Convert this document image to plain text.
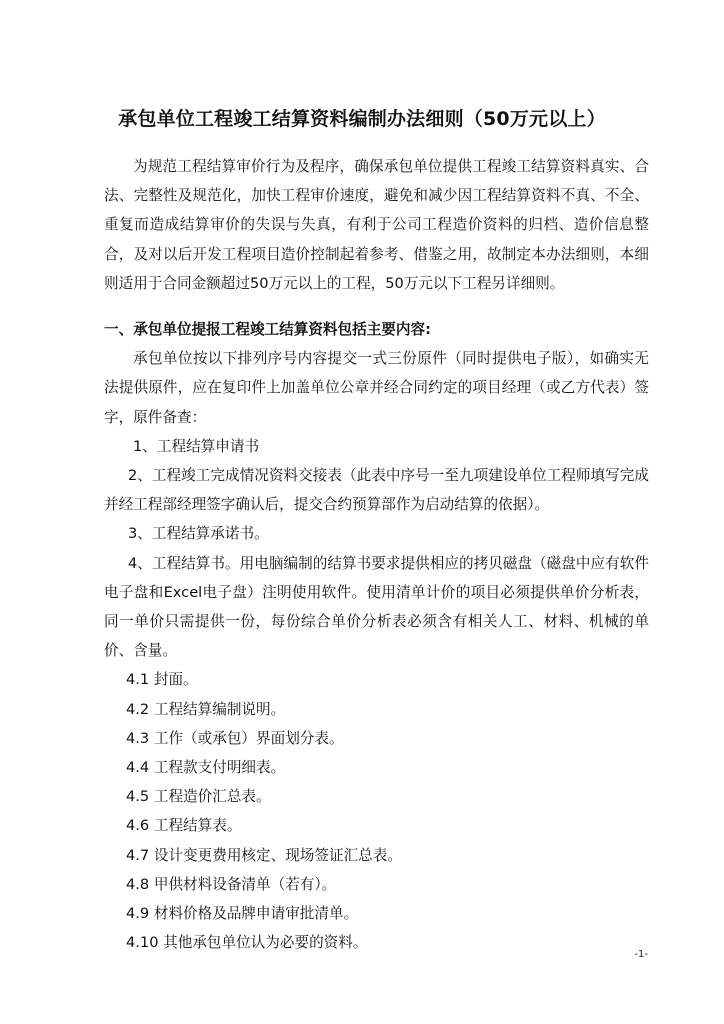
承包单位工程竣工结算资料编制办法细则（50万元以上）

为规范工程结算审价行为及程序，确保承包单位提供工程竣工结算资料真实、合法、完整性及规范化，加快工程审价速度，避免和减少因工程结算资料不真、不全、重复而造成结算审价的失误与失真，有利于公司工程造价资料的归档、造价信息整合，及对以后开发工程项目造价控制起着参考、借鉴之用，故制定本办法细则，本细则适用于合同金额超过50万元以上的工程，50万元以下工程另详细则。

一、承包单位提报工程竣工结算资料包括主要内容:

承包单位按以下排列序号内容提交一式三份原件（同时提供电子版），如确实无法提供原件，应在复印件上加盖单位公章并经合同约定的项目经理（或乙方代表）签字，原件备查：

1、工程结算申请书

2、工程竣工完成情况资料交接表（此表中序号一至九项建设单位工程师填写完成并经工程部经理签字确认后，提交合约预算部作为启动结算的依据）。

3、工程结算承诺书。

4、工程结算书。用电脑编制的结算书要求提供相应的拷贝磁盘（磁盘中应有软件电子盘和Excel电子盘）注明使用软件。使用清单计价的项目必须提供单价分析表，同一单价只需提供一份，每份综合单价分析表必须含有相关人工、材料、机械的单价、含量。

4.1 封面。

4.2 工程结算编制说明。

4.3 工作（或承包）界面划分表。

4.4 工程款支付明细表。

4.5 工程造价汇总表。

4.6 工程结算表。

4.7 设计变更费用核定、现场签证汇总表。

4.8 甲供材料设备清单（若有）。

4.9 材料价格及品牌申请审批清单。

4.10 其他承包单位认为必要的资料。

-1-
